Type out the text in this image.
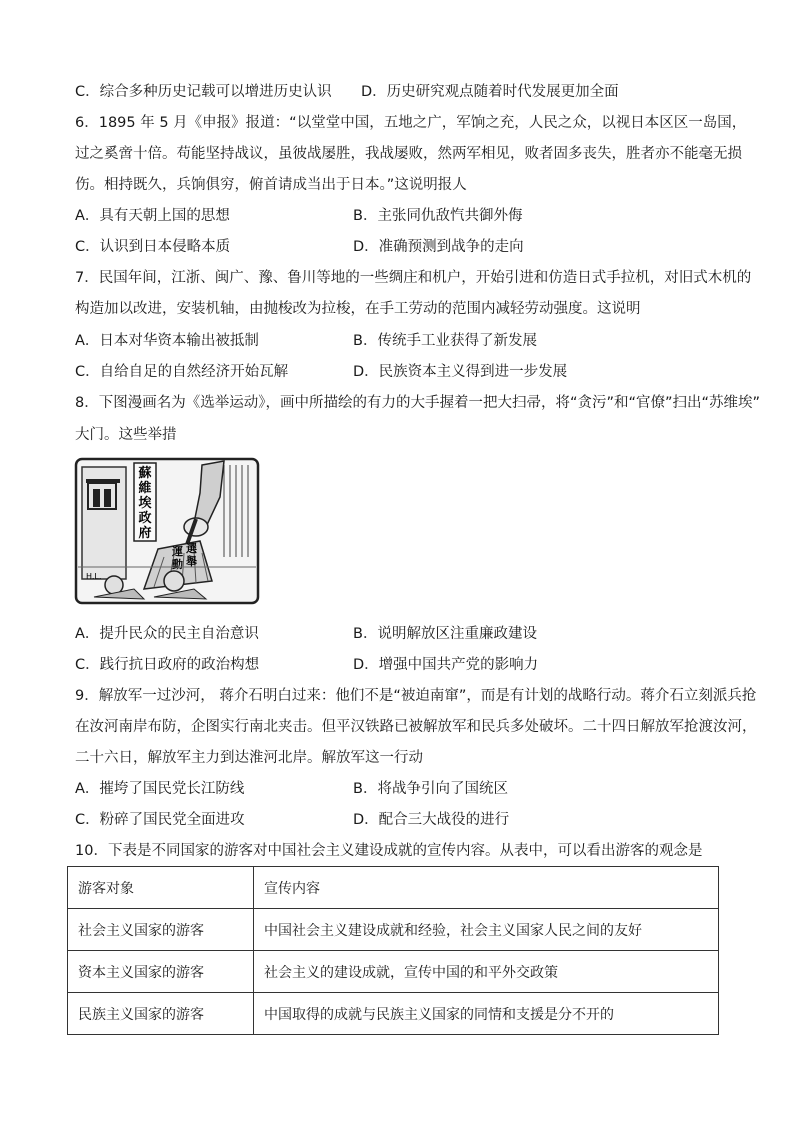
C．综合多种历史记载可以增进历史认识 D．历史研究观点随着时代发展更加全面
6．1895 年 5 月《申报》报道：“以堂堂中国，五地之广，军饷之充，人民之众，以视日本区区一岛国，
过之奚啻十倍。苟能坚持战议，虽彼战屡胜，我战屡败，然两军相见，败者固多丧失，胜者亦不能毫无损
伤。相持既久，兵饷俱穷，俯首请成当出于日本。”这说明报人
A．具有天朝上国的思想	B．主张同仇敌忾共御外侮
C．认识到日本侵略本质	D．准确预测到战争的走向
7．民国年间，江浙、闽广、豫、鲁川等地的一些绸庄和机户，开始引进和仿造日式手拉机，对旧式木机的
构造加以改进，安装机轴，由抛梭改为拉梭，在手工劳动的范围内减轻劳动强度。这说明
A．日本对华资本输出被抵制	B．传统手工业获得了新发展
C．自给自足的自然经济开始瓦解	D．民族资本主义得到进一步发展
8．下图漫画名为《选举运动》，画中所描绘的有力的大手握着一把大扫帚，将“贪污”和“官僚”扫出“苏维埃”
大门。这些举措
蘇
維
埃
政
府
選
舉
運
動
H.L.
A．提升民众的民主自治意识	B．说明解放区注重廉政建设
C．践行抗日政府的政治构想	D．增强中国共产党的影响力
9．解放军一过沙河， 蒋介石明白过来：他们不是“被迫南窜”，而是有计划的战略行动。蒋介石立刻派兵抢
在汝河南岸布防，企图实行南北夹击。但平汉铁路已被解放军和民兵多处破坏。二十四日解放军抢渡汝河，
二十六日，解放军主力到达淮河北岸。解放军这一行动
A．摧垮了国民党长江防线	B．将战争引向了国统区
C．粉碎了国民党全面进攻	D．配合三大战役的进行
10．下表是不同国家的游客对中国社会主义建设成就的宣传内容。从表中，可以看出游客的观念是
游客对象	宣传内容
社会主义国家的游客	中国社会主义建设成就和经验，社会主义国家人民之间的友好
资本主义国家的游客	社会主义的建设成就，宣传中国的和平外交政策
民族主义国家的游客	中国取得的成就与民族主义国家的同情和支援是分不开的
